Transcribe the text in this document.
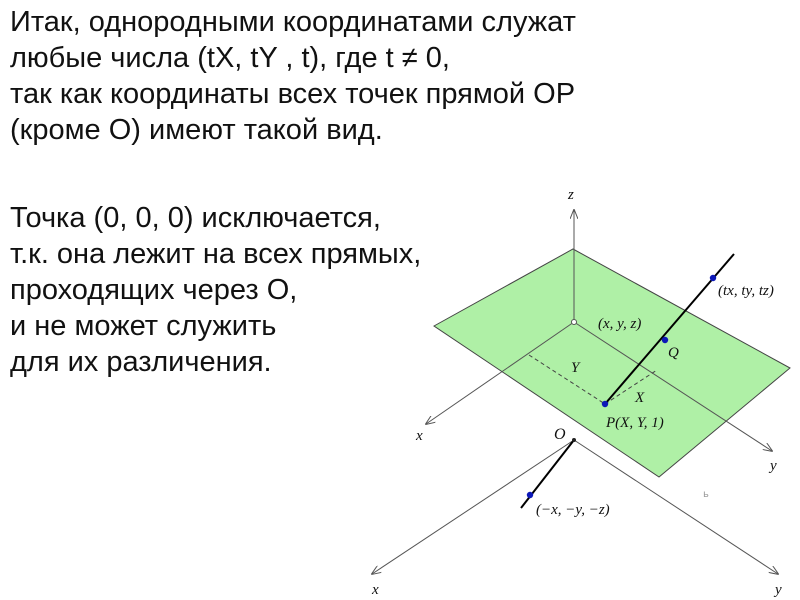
Итак, однородными координатами служат
любые числа (tX, tY , t), где t ≠ 0,
так как координаты всех точек прямой OP
(кроме O) имеют такой вид.
Точка (0, 0, 0) исключается,
т.к. она лежит на всех прямых,
проходящих через O,
и не может служить
для их различения.
z
x
y
x	y
O
(tx, ty, tz)
(x, y, z)
Q
Y
X
P(X, Y, 1)
(−x, −y, −z)
ь
